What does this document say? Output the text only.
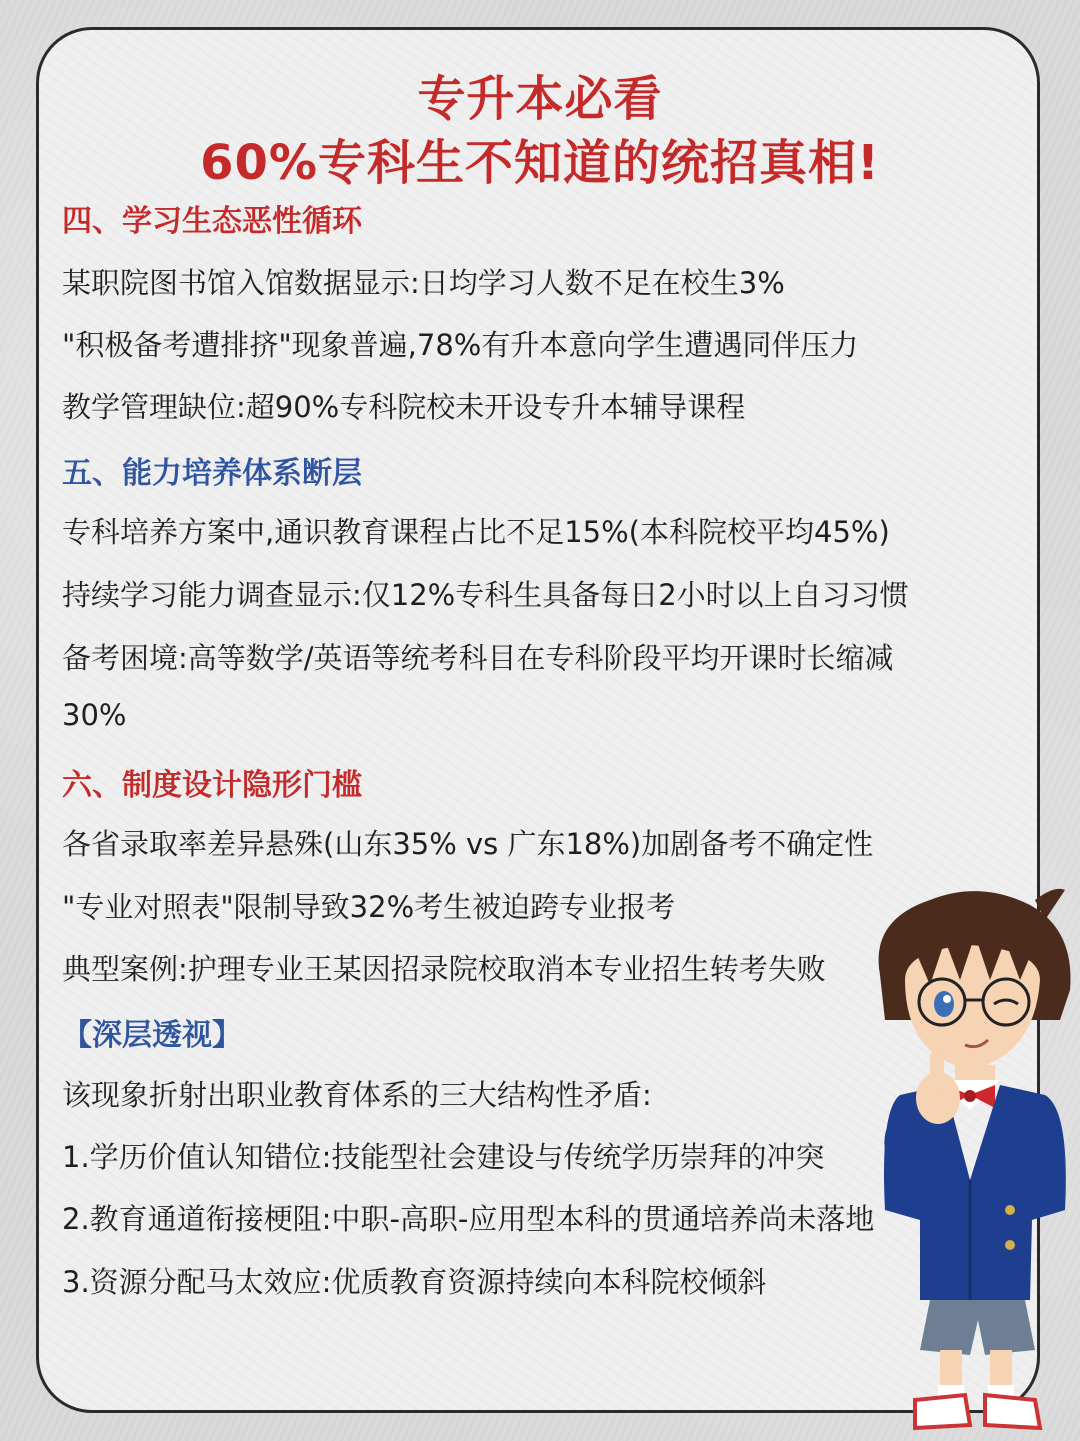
专升本必看
60%专科生不知道的统招真相!
四、学习生态恶性循环
某职院图书馆入馆数据显示:日均学习人数不足在校生3%
"积极备考遭排挤"现象普遍,78%有升本意向学生遭遇同伴压力
教学管理缺位:超90%专科院校未开设专升本辅导课程
五、能力培养体系断层
专科培养方案中,通识教育课程占比不足15%(本科院校平均45%)
持续学习能力调查显示:仅12%专科生具备每日2小时以上自习习惯
备考困境:高等数学/英语等统考科目在专科阶段平均开课时长缩减
30%
六、制度设计隐形门槛
各省录取率差异悬殊(山东35% vs 广东18%)加剧备考不确定性
"专业对照表"限制导致32%考生被迫跨专业报考
典型案例:护理专业王某因招录院校取消本专业招生转考失败
【深层透视】
该现象折射出职业教育体系的三大结构性矛盾:
1.学历价值认知错位:技能型社会建设与传统学历崇拜的冲突
2.教育通道衔接梗阻:中职-高职-应用型本科的贯通培养尚未落地
3.资源分配马太效应:优质教育资源持续向本科院校倾斜
